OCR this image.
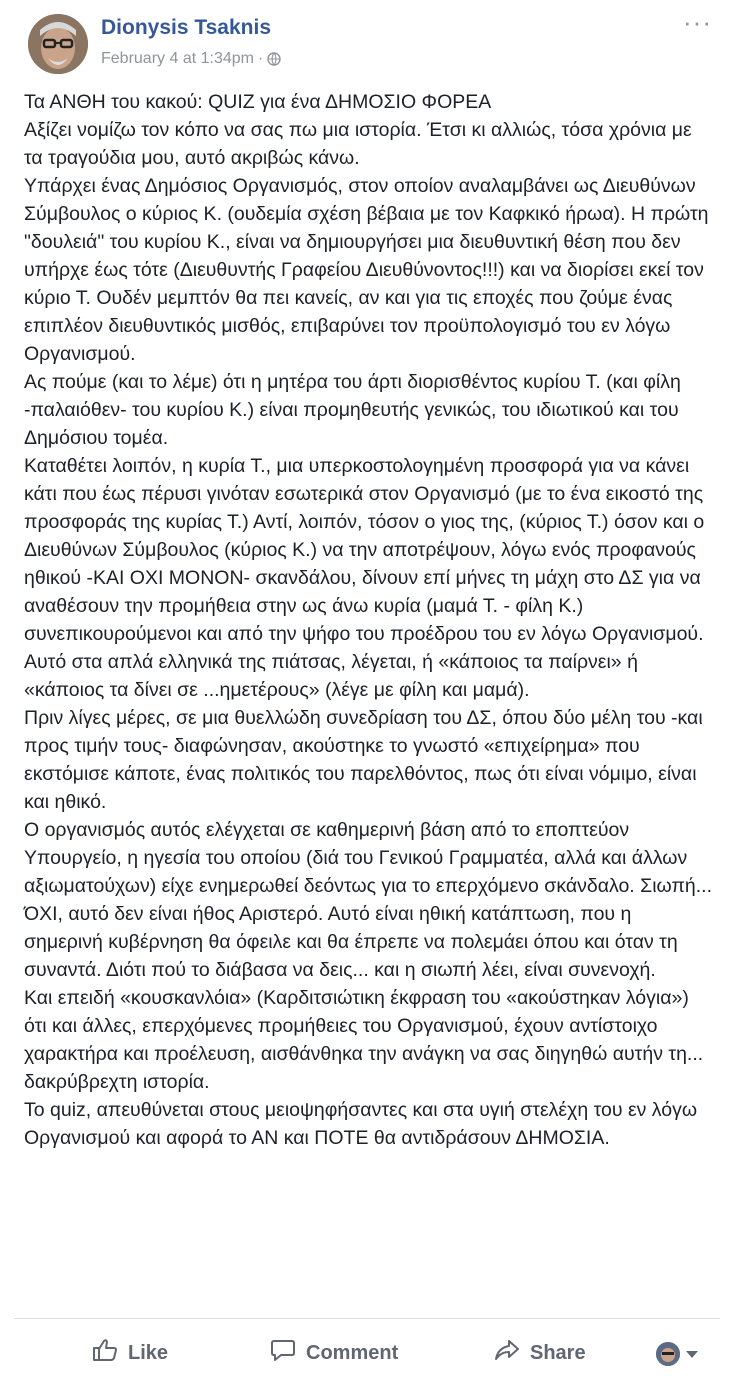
Dionysis Tsaknis
February 4 at 1:34pm ·
···

Τα ΑΝΘΗ του κακού: QUIZ για ένα ΔΗΜΟΣΙΟ ΦΟΡΕΑ

Αξίζει νομίζω τον κόπο να σας πω μια ιστορία. Έτσι κι αλλιώς, τόσα χρόνια με τα τραγούδια μου, αυτό ακριβώς κάνω.

Υπάρχει ένας Δημόσιος Οργανισμός, στον οποίον αναλαμβάνει ως Διευθύνων Σύμβουλος ο κύριος Κ. (ουδεμία σχέση βέβαια με τον Καφκικό ήρωα). Η πρώτη "δουλειά" του κυρίου Κ., είναι να δημιουργήσει μια διευθυντική θέση που δεν υπήρχε έως τότε (Διευθυντής Γραφείου Διευθύνοντος!!!) και να διορίσει εκεί τον κύριο Τ. Ουδέν μεμπτόν θα πει κανείς, αν και για τις εποχές που ζούμε ένας επιπλέον διευθυντικός μισθός, επιβαρύνει τον προϋπολογισμό του εν λόγω Οργανισμού.

Ας πούμε (και το λέμε) ότι η μητέρα του άρτι διορισθέντος κυρίου Τ. (και φίλη -παλαιόθεν- του κυρίου Κ.) είναι προμηθευτής γενικώς, του ιδιωτικού και του Δημόσιου τομέα.

Καταθέτει λοιπόν, η κυρία Τ., μια υπερκοστολογημένη προσφορά για να κάνει κάτι που έως πέρυσι γινόταν εσωτερικά στον Οργανισμό (με το ένα εικοστό της προσφοράς της κυρίας Τ.) Αντί, λοιπόν, τόσον ο γιος της, (κύριος Τ.) όσον και ο Διευθύνων Σύμβουλος (κύριος Κ.) να την αποτρέψουν, λόγω ενός προφανούς ηθικού -ΚΑΙ ΟΧΙ ΜΟΝΟΝ- σκανδάλου, δίνουν επί μήνες τη μάχη στο ΔΣ για να αναθέσουν την προμήθεια στην ως άνω κυρία (μαμά Τ. - φίλη Κ.) συνεπικουρούμενοι και από την ψήφο του προέδρου του εν λόγω Οργανισμού.

Αυτό στα απλά ελληνικά της πιάτσας, λέγεται, ή «κάποιος τα παίρνει» ή «κάποιος τα δίνει σε ...ημετέρους» (λέγε με φίλη και μαμά).

Πριν λίγες μέρες, σε μια θυελλώδη συνεδρίαση του ΔΣ, όπου δύο μέλη του -και προς τιμήν τους- διαφώνησαν, ακούστηκε το γνωστό «επιχείρημα» που εκστόμισε κάποτε, ένας πολιτικός του παρελθόντος, πως ότι είναι νόμιμο, είναι και ηθικό.

Ο οργανισμός αυτός ελέγχεται σε καθημερινή βάση από το εποπτεύον Υπουργείο, η ηγεσία του οποίου (διά του Γενικού Γραμματέα, αλλά και άλλων αξιωματούχων) είχε ενημερωθεί δεόντως για το επερχόμενο σκάνδαλο. Σιωπή...

ΌΧΙ, αυτό δεν είναι ήθος Αριστερό. Αυτό είναι ηθική κατάπτωση, που η σημερινή κυβέρνηση θα όφειλε και θα έπρεπε να πολεμάει όπου και όταν τη συναντά. Διότι πού το διάβασα να δεις... και η σιωπή λέει, είναι συνενοχή.

Και επειδή «κουσκανλόια» (Καρδιτσιώτικη έκφραση του «ακούστηκαν λόγια») ότι και άλλες, επερχόμενες προμήθειες του Οργανισμού, έχουν αντίστοιχο χαρακτήρα και προέλευση, αισθάνθηκα την ανάγκη να σας διηγηθώ αυτήν τη... δακρύβρεχτη ιστορία.

Το quiz, απευθύνεται στους μειοψηφήσαντες και στα υγιή στελέχη του εν λόγω Οργανισμού και αφορά το ΑΝ και ΠΟΤΕ θα αντιδράσουν ΔΗΜΟΣΙΑ.

Like	Comment	Share
